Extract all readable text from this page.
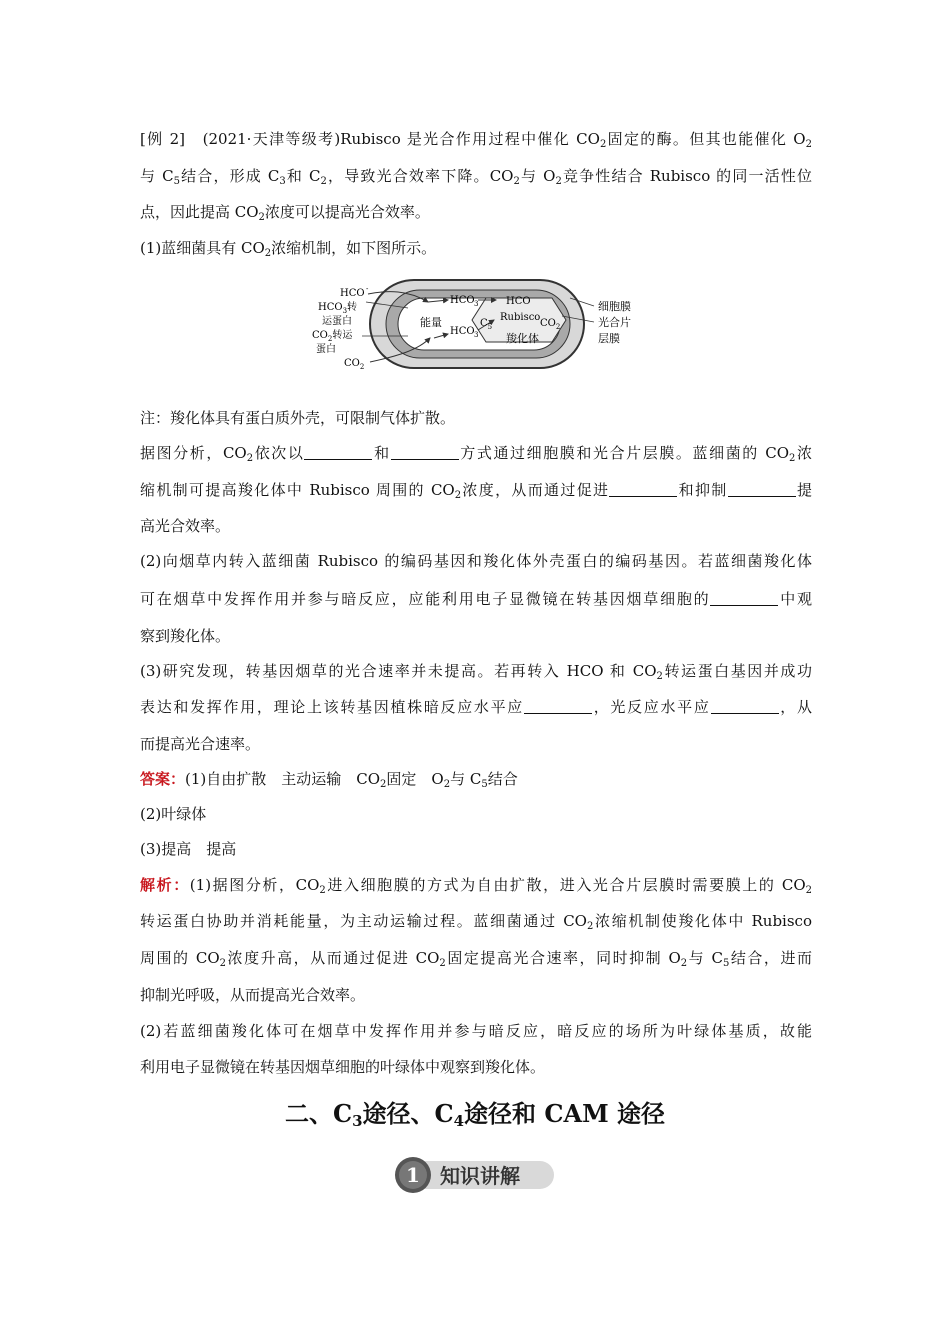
[例 2]　 (2021·天津等级考)Rubisco 是光合作用过程中催化 $CO_2$固定的酶。但其也能催化 $O_2$
与 $C_5$结合，形成 $C_3$和 $C_2$，导致光合效率下降。$CO_2$与 $O_2$竞争性结合 Rubisco 的同一活性位
点，因此提高 $CO_2$浓度可以提高光合效率。
(1)蓝细菌具有 $CO_2$浓缩机制，如下图所示。
HCO -
$HCO_3$转
运蛋白
$CO_2$转运
蛋白
$CO_2$
HCO 3
能量
HCO 3
HCO
Rubisco
$CO_2$
$C_5$
羧化体
细胞膜
光合片
层膜
注：羧化体具有蛋白质外壳，可限制气体扩散。
据图分析，$CO_2$依次以	和	方式通过细胞膜和光合片层膜。蓝细菌的 $CO_2$浓
缩机制可提高羧化体中 Rubisco 周围的 $CO_2$浓度，从而通过促进	和抑制	提
高光合效率。
(2)向烟草内转入蓝细菌 Rubisco 的编码基因和羧化体外壳蛋白的编码基因。若蓝细菌羧化体
可在烟草中发挥作用并参与暗反应，应能利用电子显微镜在转基因烟草细胞的	中观
察到羧化体。
(3)研究发现，转基因烟草的光合速率并未提高。若再转入 HCO 和 $CO_2$转运蛋白基因并成功
表达和发挥作用，理论上该转基因植株暗反应水平应	，光反应水平应	，从
而提高光合速率。
答案：(1)自由扩散　主动运输　$CO_2$固定　$O_2$与 $C_5$结合
(2)叶绿体
(3)提高　提高
解析：(1)据图分析，$CO_2$进入细胞膜的方式为自由扩散，进入光合片层膜时需要膜上的 $CO_2$
转运蛋白协助并消耗能量，为主动运输过程。蓝细菌通过 $CO_2$浓缩机制使羧化体中 Rubisco
周围的 $CO_2$浓度升高，从而通过促进 $CO_2$固定提高光合速率，同时抑制 $O_2$与 $C_5$结合，进而
抑制光呼吸，从而提高光合效率。
(2)若蓝细菌羧化体可在烟草中发挥作用并参与暗反应，暗反应的场所为叶绿体基质，故能
利用电子显微镜在转基因烟草细胞的叶绿体中观察到羧化体。
二、C3途径、C4途径和 CAM 途径
1 知识讲解
